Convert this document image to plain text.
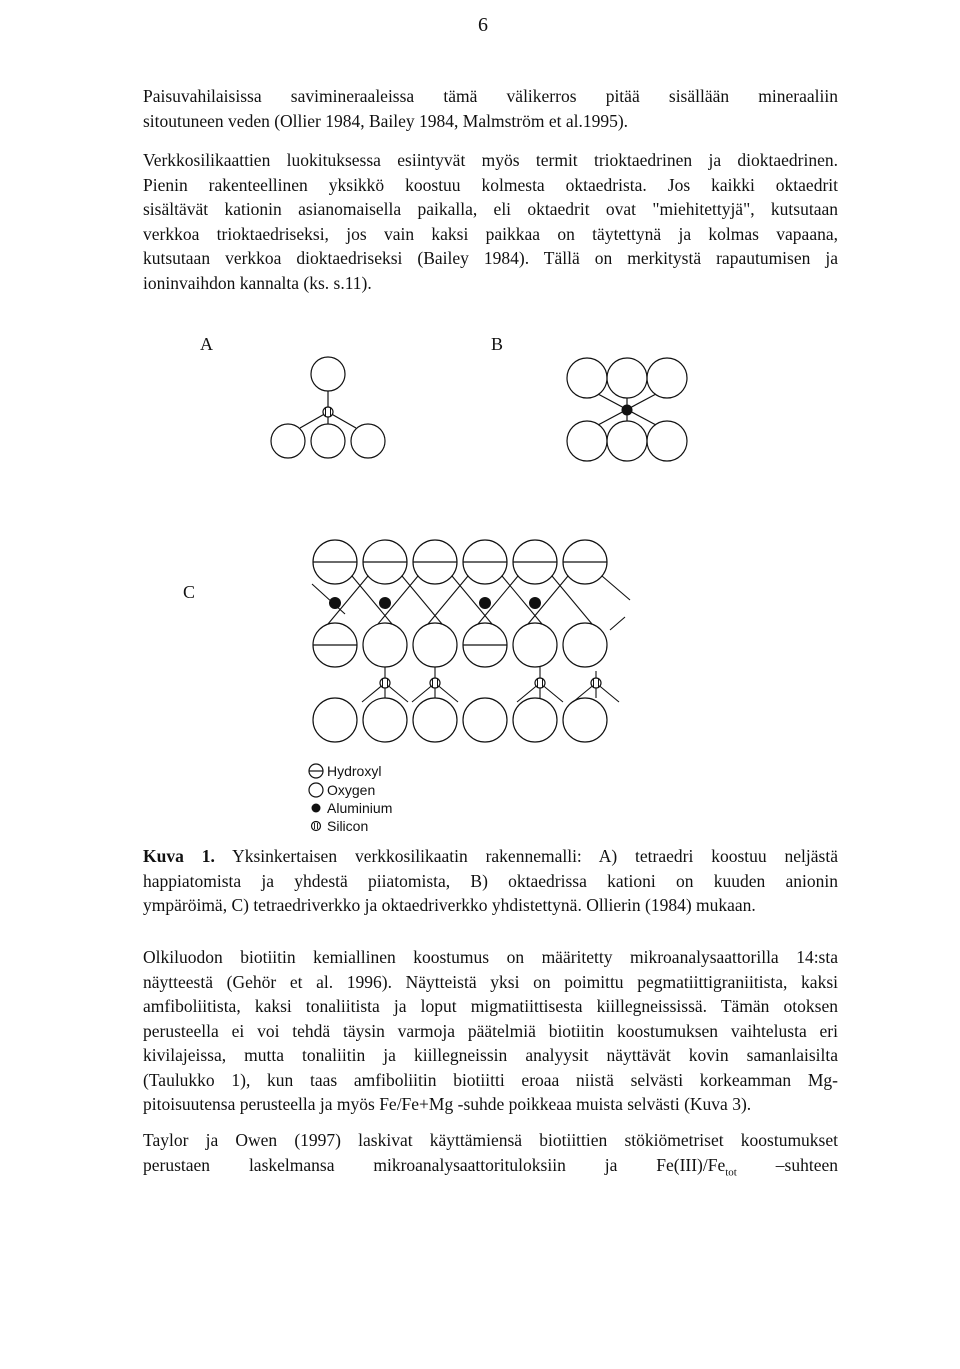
6
Paisuvahilaisissa savimineraaleissa tämä välikerros pitää sisällään mineraaliin
sitoutuneen veden (Ollier 1984, Bailey 1984, Malmström et al.1995).
Verkkosilikaattien luokituksessa esiintyvät myös termit trioktaedrinen ja dioktaedrinen.
Pienin rakenteellinen yksikkö koostuu kolmesta oktaedrista. Jos kaikki oktaedrit
sisältävät kationin asianomaisella paikalla, eli oktaedrit ovat "miehitettyjä", kutsutaan
verkkoa trioktaedriseksi, jos vain kaksi paikkaa on täytettynä ja kolmas vapaana,
kutsutaan verkkoa dioktaedriseksi (Bailey 1984). Tällä on merkitystä rapautumisen ja
ioninvaihdon kannalta (ks. s.11).
A	B
C
Hydroxyl
Oxygen
Aluminium
Silicon
Kuva 1. Yksinkertaisen verkkosilikaatin rakennemalli: A) tetraedri koostuu neljästä
happiatomista ja yhdestä piiatomista, B) oktaedrissa kationi on kuuden anionin
ympäröimä, C) tetraedriverkko ja oktaedriverkko yhdistettynä. Ollierin (1984) mukaan.
Olkiluodon biotiitin kemiallinen koostumus on määritetty mikroanalysaattorilla 14:sta
näytteestä (Gehör et al. 1996). Näytteistä yksi on poimittu pegmatiittigraniitista, kaksi
amfiboliitista, kaksi tonaliitista ja loput migmatiittisesta kiillegneississä. Tämän otoksen
perusteella ei voi tehdä täysin varmoja päätelmiä biotiitin koostumuksen vaihtelusta eri
kivilajeissa, mutta tonaliitin ja kiillegneissin analyysit näyttävät kovin samanlaisilta
(Taulukko 1), kun taas amfiboliitin biotiitti eroaa niistä selvästi korkeamman Mg-
pitoisuutensa perusteella ja myös Fe/Fe+Mg -suhde poikkeaa muista selvästi (Kuva 3).
Taylor ja Owen (1997) laskivat käyttämiensä biotiittien stökiömetriset koostumukset
perustaen laskelmansa mikroanalysaattorituloksiin ja $Fe(III)/Fe_{tot}$ –suhteen
